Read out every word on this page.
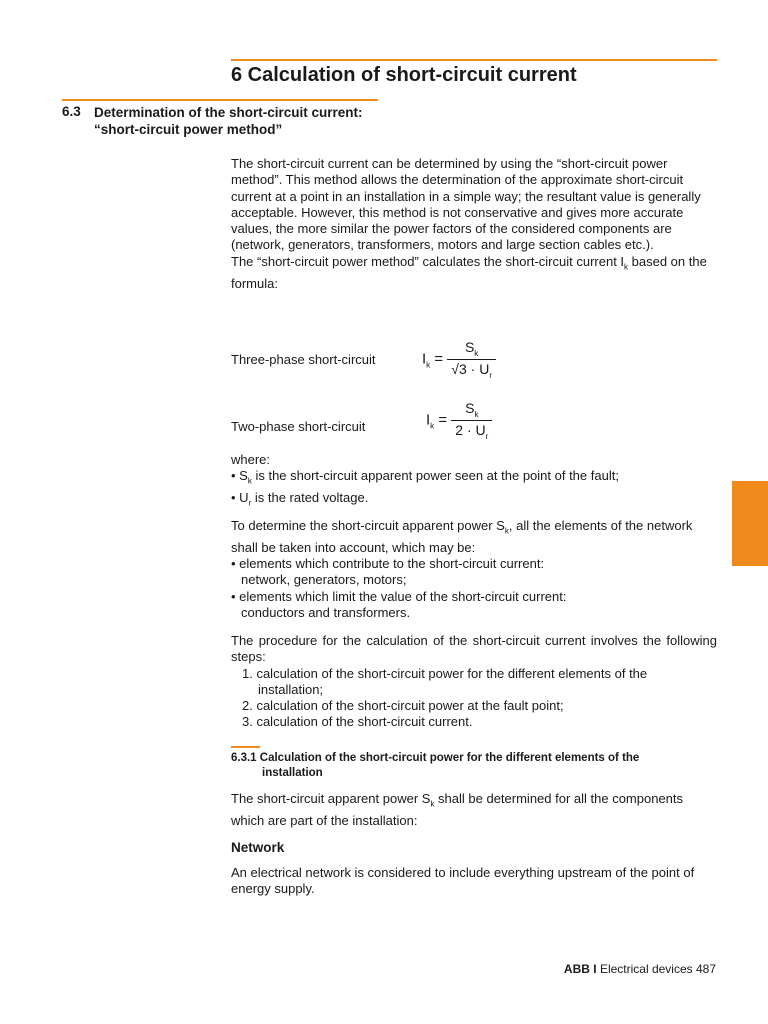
6 Calculation of short-circuit current
6.3 Determination of the short-circuit current: “short-circuit power method”
The short-circuit current can be determined by using the “short-circuit power method”. This method allows the determination of the approximate short-circuit current at a point in an installation in a simple way; the resultant value is generally acceptable. However, this method is not conservative and gives more accurate values, the more similar the power factors of the considered components are (network, generators, transformers, motors and large section cables etc.).
The “short-circuit power method” calculates the short-circuit current $I_k$ based on the formula:
Three-phase short-circuit	$I_k = \frac{S_k}{√3 \cdot U_r}$
Two-phase short-circuit	$I_k = \frac{S_k}{2 \cdot U_r}$
where:
• $S_k$ is the short-circuit apparent power seen at the point of the fault;
• $U_r$ is the rated voltage.
To determine the short-circuit apparent power $S_k$, all the elements of the network shall be taken into account, which may be:
• elements which contribute to the short-circuit current:
network, generators, motors;
• elements which limit the value of the short-circuit current:
conductors and transformers.
The procedure for the calculation of the short-circuit current involves the following steps:
1. calculation of the short-circuit power for the different elements of the
installation;
2. calculation of the short-circuit power at the fault point;
3. calculation of the short-circuit current.
6.3.1 Calculation of the short-circuit power for the different elements of the
installation
The short-circuit apparent power $S_k$ shall be determined for all the components which are part of the installation:
Network
An electrical network is considered to include everything upstream of the point of energy supply.
ABB I Electrical devices 487
